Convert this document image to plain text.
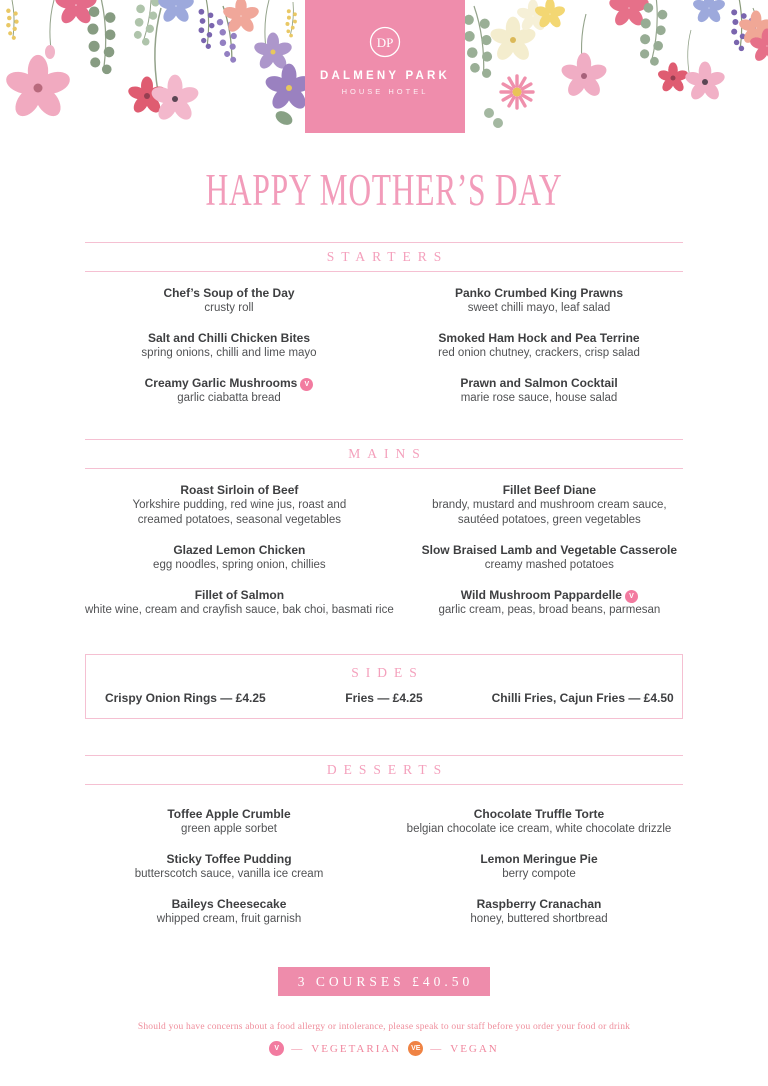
DP
DALMENY PARK
HOUSE HOTEL
HAPPY MOTHER’S DAY
STARTERS
Chef’s Soup of the Day
crusty roll
Panko Crumbed King Prawns
sweet chilli mayo, leaf salad
Salt and Chilli Chicken Bites
spring onions, chilli and lime mayo
Smoked Ham Hock and Pea Terrine
red onion chutney, crackers, crisp salad
Creamy Garlic Mushrooms V
garlic ciabatta bread
Prawn and Salmon Cocktail
marie rose sauce, house salad
MAINS
Roast Sirloin of Beef
Yorkshire pudding, red wine jus, roast and creamed potatoes, seasonal vegetables
Fillet Beef Diane
brandy, mustard and mushroom cream sauce, sautéed potatoes, green vegetables
Glazed Lemon Chicken
egg noodles, spring onion, chillies
Slow Braised Lamb and Vegetable Casserole
creamy mashed potatoes
Fillet of Salmon
white wine, cream and crayfish sauce, bak choi, basmati rice
Wild Mushroom Pappardelle V
garlic cream, peas, broad beans, parmesan
SIDES
Crispy Onion Rings — £4.25	Fries — £4.25	Chilli Fries, Cajun Fries — £4.50
DESSERTS
Toffee Apple Crumble
green apple sorbet
Chocolate Truffle Torte
belgian chocolate ice cream, white chocolate drizzle
Sticky Toffee Pudding
butterscotch sauce, vanilla ice cream
Lemon Meringue Pie
berry compote
Baileys Cheesecake
whipped cream, fruit garnish
Raspberry Cranachan
honey, buttered shortbread
3 COURSES £40.50
Should you have concerns about a food allergy or intolerance, please speak to our staff before you order your food or drink
V	— VEGETARIAN	VE — VEGAN
